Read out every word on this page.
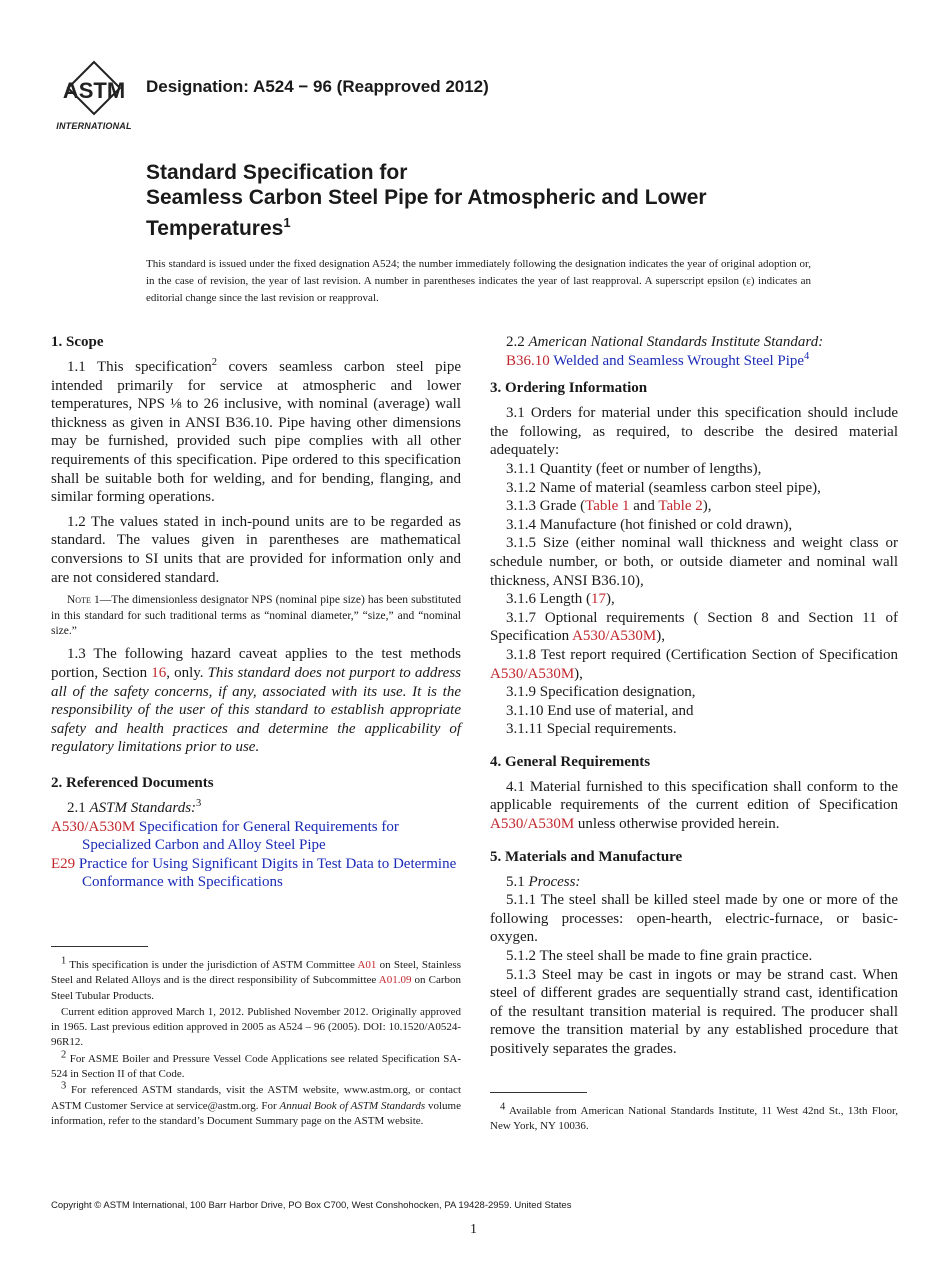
ASTM
INTERNATIONAL
Designation: A524 − 96 (Reapproved 2012)
Standard Specification for
Seamless Carbon Steel Pipe for Atmospheric and Lower
Temperatures$^1$
This standard is issued under the fixed designation A524; the number immediately following the designation indicates the year of original adoption or, in the case of revision, the year of last revision. A number in parentheses indicates the year of last reapproval. A superscript epsilon (ε) indicates an editorial change since the last revision or reapproval.
1. Scope

1.1 This specification$^2$ covers seamless carbon steel pipe intended primarily for service at atmospheric and lower temperatures, NPS ⅛ to 26 inclusive, with nominal (average) wall thickness as given in ANSI B36.10. Pipe having other dimensions may be furnished, provided such pipe complies with all other requirements of this specification. Pipe ordered to this specification shall be suitable both for welding, and for bending, flanging, and similar forming operations.

1.2 The values stated in inch-pound units are to be regarded as standard. The values given in parentheses are mathematical conversions to SI units that are provided for information only and are not considered standard.

Note 1—The dimensionless designator NPS (nominal pipe size) has been substituted in this standard for such traditional terms as “nominal diameter,” “size,” and “nominal size.”

1.3 The following hazard caveat applies to the test methods portion, Section 16, only. This standard does not purport to address all of the safety concerns, if any, associated with its use. It is the responsibility of the user of this standard to establish appropriate safety and health practices and determine the applicability of regulatory limitations prior to use.

2. Referenced Documents

2.1 ASTM Standards:$^3$

A530/A530M Specification for General Requirements for Specialized Carbon and Alloy Steel Pipe

E29 Practice for Using Significant Digits in Test Data to Determine Conformance with Specifications

2.2 American National Standards Institute Standard:

B36.10 Welded and Seamless Wrought Steel Pipe$^4$

3. Ordering Information

3.1 Orders for material under this specification should include the following, as required, to describe the desired material adequately:

3.1.1 Quantity (feet or number of lengths),

3.1.2 Name of material (seamless carbon steel pipe),

3.1.3 Grade (Table 1 and Table 2),

3.1.4 Manufacture (hot finished or cold drawn),

3.1.5 Size (either nominal wall thickness and weight class or schedule number, or both, or outside diameter and nominal wall thickness, ANSI B36.10),

3.1.6 Length (17),

3.1.7 Optional requirements ( Section 8 and Section 11 of Specification A530/A530M),

3.1.8 Test report required (Certification Section of Specification A530/A530M),

3.1.9 Specification designation,

3.1.10 End use of material, and

3.1.11 Special requirements.

4. General Requirements

4.1 Material furnished to this specification shall conform to the applicable requirements of the current edition of Specification A530/A530M unless otherwise provided herein.

5. Materials and Manufacture

5.1 Process:

5.1.1 The steel shall be killed steel made by one or more of the following processes: open-hearth, electric-furnace, or basic-oxygen.

5.1.2 The steel shall be made to fine grain practice.

5.1.3 Steel may be cast in ingots or may be strand cast. When steel of different grades are sequentially strand cast, identification of the resultant transition material is required. The producer shall remove the transition material by any established procedure that positively separates the grades.

1 This specification is under the jurisdiction of ASTM Committee A01 on Steel, Stainless Steel and Related Alloys and is the direct responsibility of Subcommittee A01.09 on Carbon Steel Tubular Products.

Current edition approved March 1, 2012. Published November 2012. Originally approved in 1965. Last previous edition approved in 2005 as A524 – 96 (2005). DOI: 10.1520/A0524-96R12.

2 For ASME Boiler and Pressure Vessel Code Applications see related Specification SA-524 in Section II of that Code.

3 For referenced ASTM standards, visit the ASTM website, www.astm.org, or contact ASTM Customer Service at service@astm.org. For Annual Book of ASTM Standards volume information, refer to the standard’s Document Summary page on the ASTM website.

4 Available from American National Standards Institute, 11 West 42nd St., 13th Floor, New York, NY 10036.

Copyright © ASTM International, 100 Barr Harbor Drive, PO Box C700, West Conshohocken, PA 19428-2959. United States
1
